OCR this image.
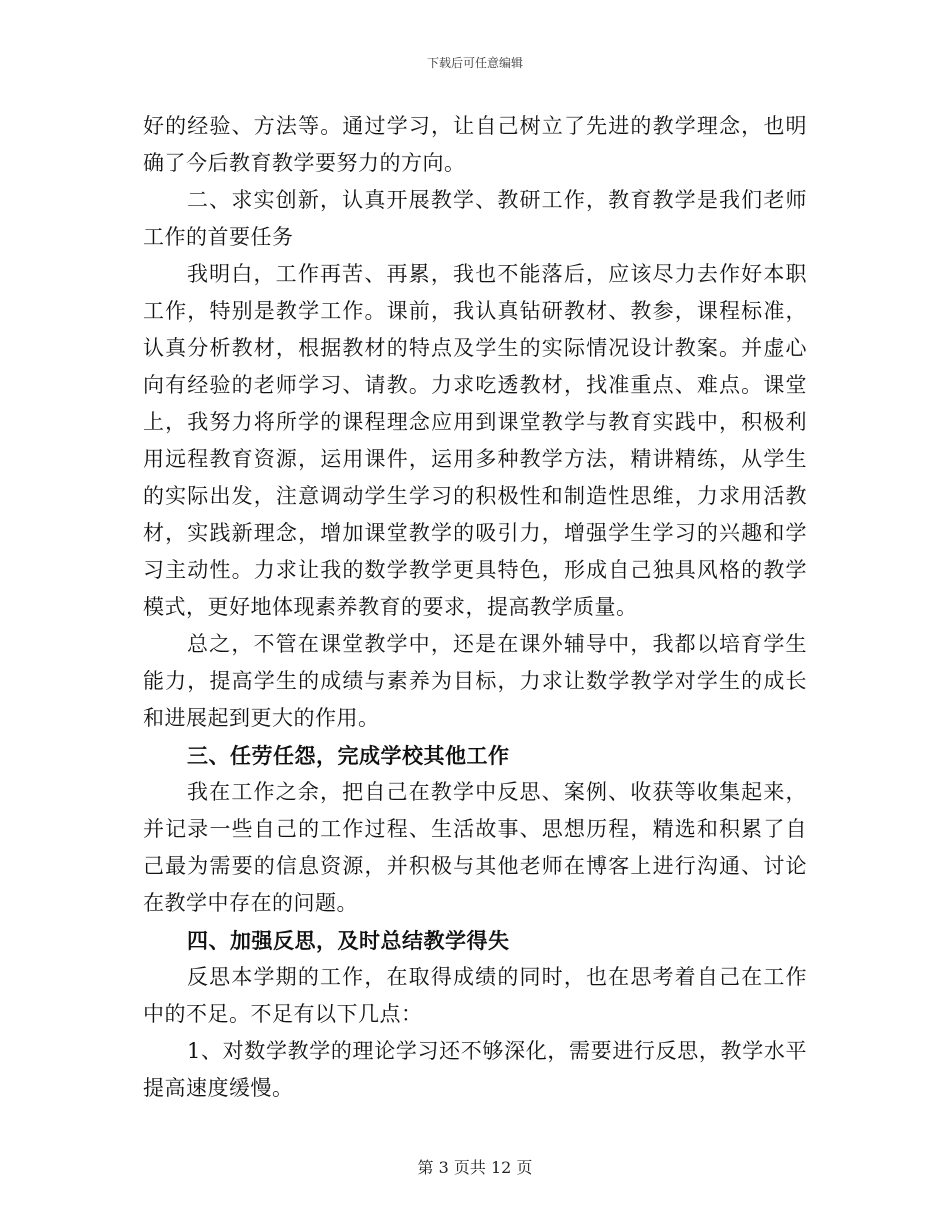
下载后可任意编辑

好的经验、方法等。通过学习，让自己树立了先进的教学理念，也明确了今后教育教学要努力的方向。

二、求实创新，认真开展教学、教研工作，教育教学是我们老师工作的首要任务

我明白，工作再苦、再累，我也不能落后，应该尽力去作好本职工作，特别是教学工作。课前，我认真钻研教材、教参，课程标准，认真分析教材，根据教材的特点及学生的实际情况设计教案。并虚心向有经验的老师学习、请教。力求吃透教材，找准重点、难点。课堂上，我努力将所学的课程理念应用到课堂教学与教育实践中，积极利用远程教育资源，运用课件，运用多种教学方法，精讲精练，从学生的实际出发，注意调动学生学习的积极性和制造性思维，力求用活教材，实践新理念，增加课堂教学的吸引力，增强学生学习的兴趣和学习主动性。力求让我的数学教学更具特色，形成自己独具风格的教学模式，更好地体现素养教育的要求，提高教学质量。

总之，不管在课堂教学中，还是在课外辅导中，我都以培育学生能力，提高学生的成绩与素养为目标，力求让数学教学对学生的成长和进展起到更大的作用。

三、任劳任怨，完成学校其他工作

我在工作之余，把自己在教学中反思、案例、收获等收集起来，并记录一些自己的工作过程、生活故事、思想历程，精选和积累了自己最为需要的信息资源，并积极与其他老师在博客上进行沟通、讨论在教学中存在的问题。

四、加强反思，及时总结教学得失

反思本学期的工作，在取得成绩的同时，也在思考着自己在工作中的不足。不足有以下几点：

1、对数学教学的理论学习还不够深化，需要进行反思，教学水平提高速度缓慢。

第 3 页共 12 页
